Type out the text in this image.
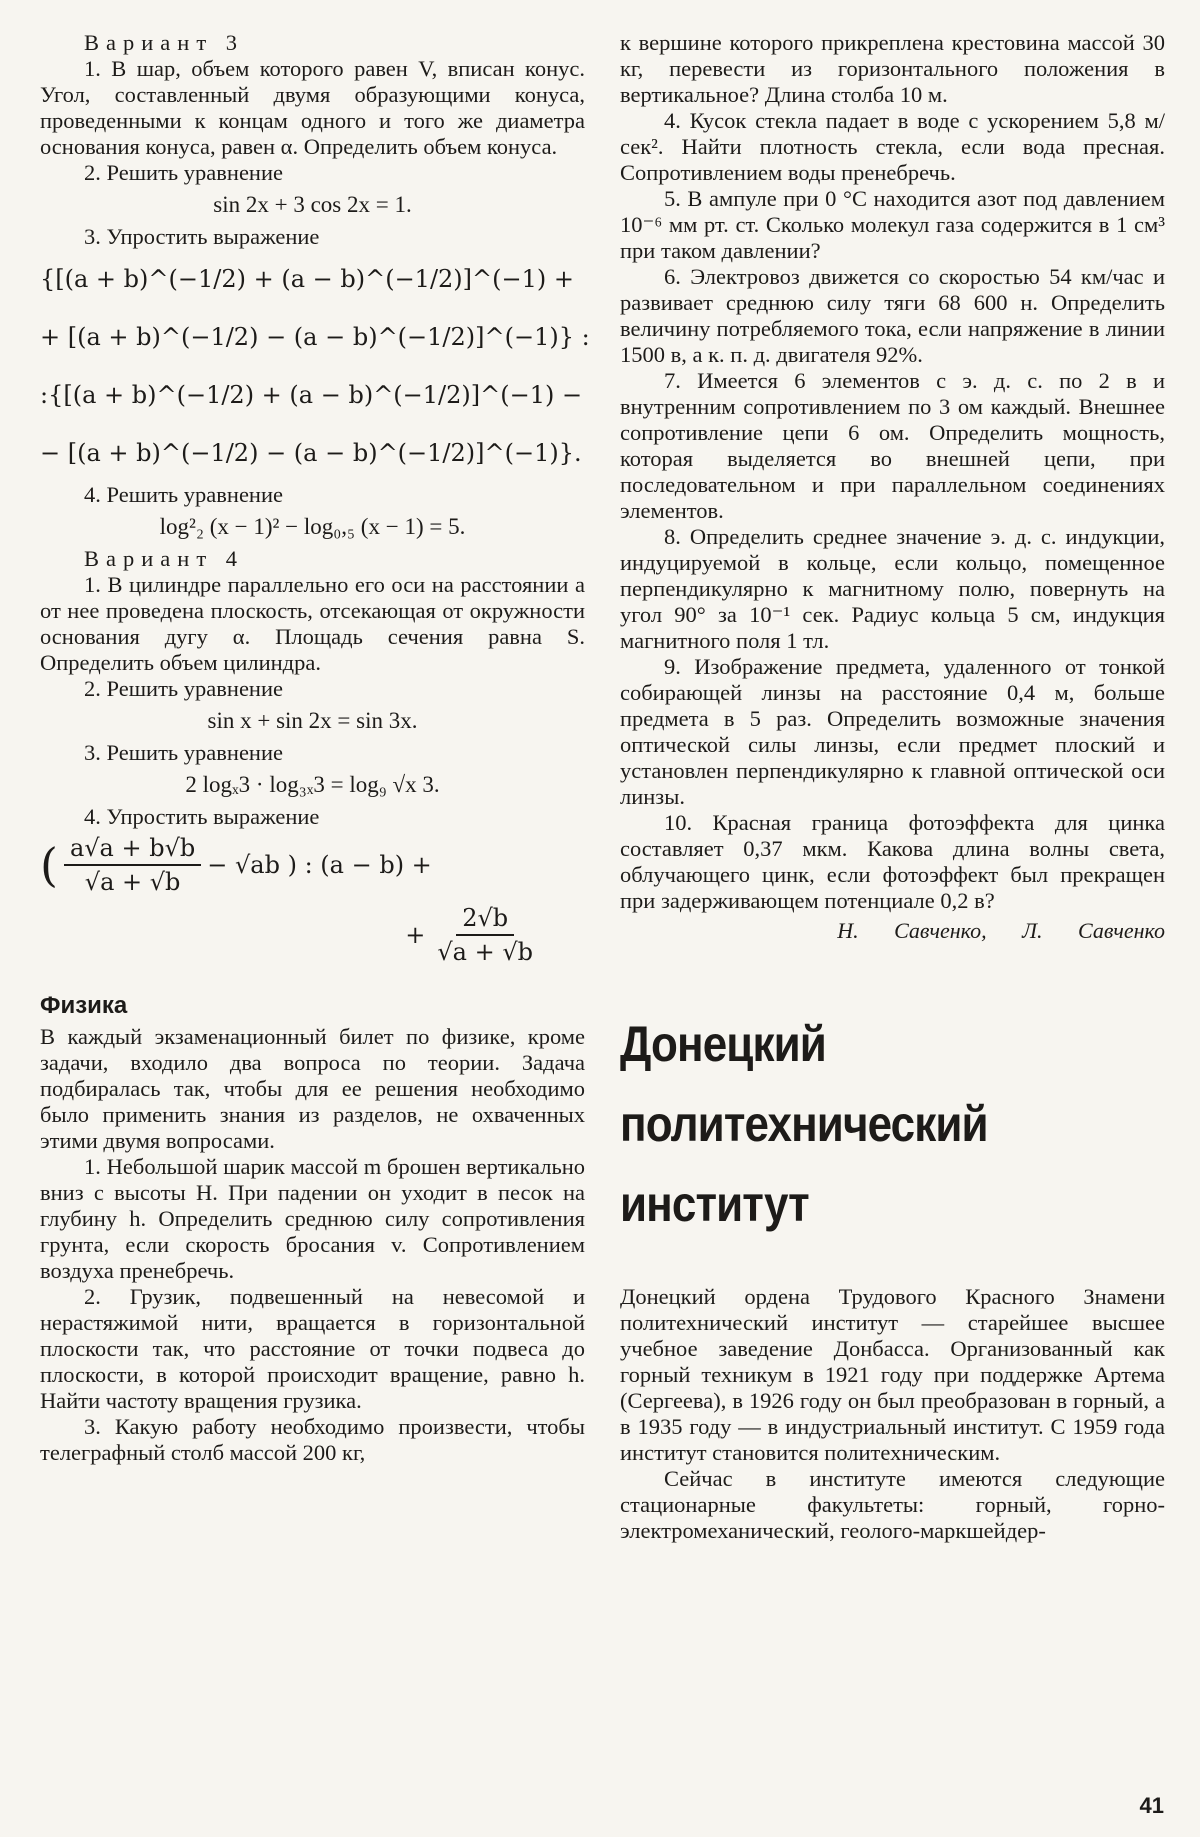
Вариант 3

1. В шар, объем которого равен V, вписан конус. Угол, составленный двумя образующими конуса, проведенными к концам одного и того же диаметра основания конуса, равен α. Определить объем конуса.

2. Решить уравнение

sin 2x + 3 cos 2x = 1.

3. Упростить выражение

{[(a + b)^(−1/2) + (a − b)^(−1/2)]^(−1) +
+ [(a + b)^(−1/2) − (a − b)^(−1/2)]^(−1)} :
:{[(a + b)^(−1/2) + (a − b)^(−1/2)]^(−1) −
− [(a + b)^(−1/2) − (a − b)^(−1/2)]^(−1)}.

4. Решить уравнение

log²₂ (x − 1)² − log₀,₅ (x − 1) = 5.

Вариант 4

1. В цилиндре параллельно его оси на расстоянии a от нее проведена плоскость, отсекающая от окружности основания дугу α. Площадь сечения равна S. Определить объем цилиндра.

2. Решить уравнение

sin x + sin 2x = sin 3x.

3. Решить уравнение

2 logₓ3 · log₃ₓ3 = log₉ √x 3.

4. Упростить выражение

( $\frac{a√a + b√b}{√a + √b} - √ab$ ) : (a − b) +
+ $\frac{2√b}{√a + √b}$

Физика

В каждый экзаменационный билет по физике, кроме задачи, входило два вопроса по теории. Задача подбиралась так, чтобы для ее решения необходимо было применить знания из разделов, не охваченных этими двумя вопросами.

1. Небольшой шарик массой m брошен вертикально вниз с высоты H. При падении он уходит в песок на глубину h. Определить среднюю силу сопротивления грунта, если скорость бросания v. Сопротивлением воздуха пренебречь.

2. Грузик, подвешенный на невесомой и нерастяжимой нити, вращается в горизонтальной плоскости так, что расстояние от точки подвеса до плоскости, в которой происходит вращение, равно h. Найти частоту вращения грузика.

3. Какую работу необходимо произвести, чтобы телеграфный столб массой 200 кг,

к вершине которого прикреплена крестовина массой 30 кг, перевести из горизонтального положения в вертикальное? Длина столба 10 м.

4. Кусок стекла падает в воде с ускорением 5,8 м/сек². Найти плотность стекла, если вода пресная. Сопротивлением воды пренебречь.

5. В ампуле при 0 °С находится азот под давлением 10⁻⁶ мм рт. ст. Сколько молекул газа содержится в 1 см³ при таком давлении?

6. Электровоз движется со скоростью 54 км/час и развивает среднюю силу тяги 68 600 н. Определить величину потребляемого тока, если напряжение в линии 1500 в, а к. п. д. двигателя 92%.

7. Имеется 6 элементов с э. д. с. по 2 в и внутренним сопротивлением по 3 ом каждый. Внешнее сопротивление цепи 6 ом. Определить мощность, которая выделяется во внешней цепи, при последовательном и при параллельном соединениях элементов.

8. Определить среднее значение э. д. с. индукции, индуцируемой в кольце, если кольцо, помещенное перпендикулярно к магнитному полю, повернуть на угол 90° за 10⁻¹ сек. Радиус кольца 5 см, индукция магнитного поля 1 тл.

9. Изображение предмета, удаленного от тонкой собирающей линзы на расстояние 0,4 м, больше предмета в 5 раз. Определить возможные значения оптической силы линзы, если предмет плоский и установлен перпендикулярно к главной оптической оси линзы.

10. Красная граница фотоэффекта для цинка составляет 0,37 мкм. Какова длина волны света, облучающего цинк, если фотоэффект был прекращен при задерживающем потенциале 0,2 в?

Н. Савченко, Л. Савченко

Донецкий

политехнический

институт

Донецкий ордена Трудового Красного Знамени политехнический институт — старейшее высшее учебное заведение Донбасса. Организованный как горный техникум в 1921 году при поддержке Артема (Сергеева), в 1926 году он был преобразован в горный, а в 1935 году — в индустриальный институт. С 1959 года институт становится политехническим.

Сейчас в институте имеются следующие стационарные факультеты: горный, горно-электромеханический, геолого-маркшейдер-

41
